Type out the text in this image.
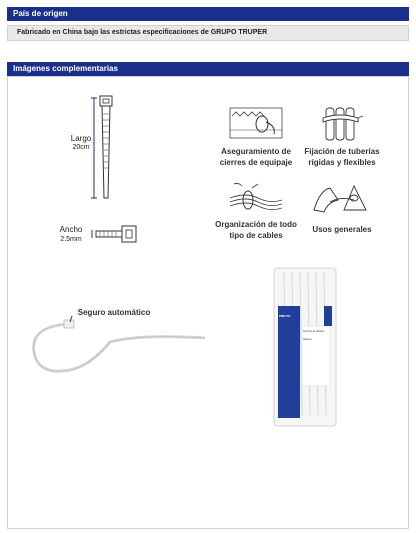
País de origen
Fabricado en China bajo las estrictas especificaciones de GRUPO TRUPER
Imágenes complementarias
Largo
20cm
Ancho
2.5mm
Aseguramiento de cierres de equipaje
Fijación de tuberías rígidas y flexibles
Organización de todo tipo de cables
Usos generales
Seguro automático	PRETUL
Cinchos de plástico
blancos
